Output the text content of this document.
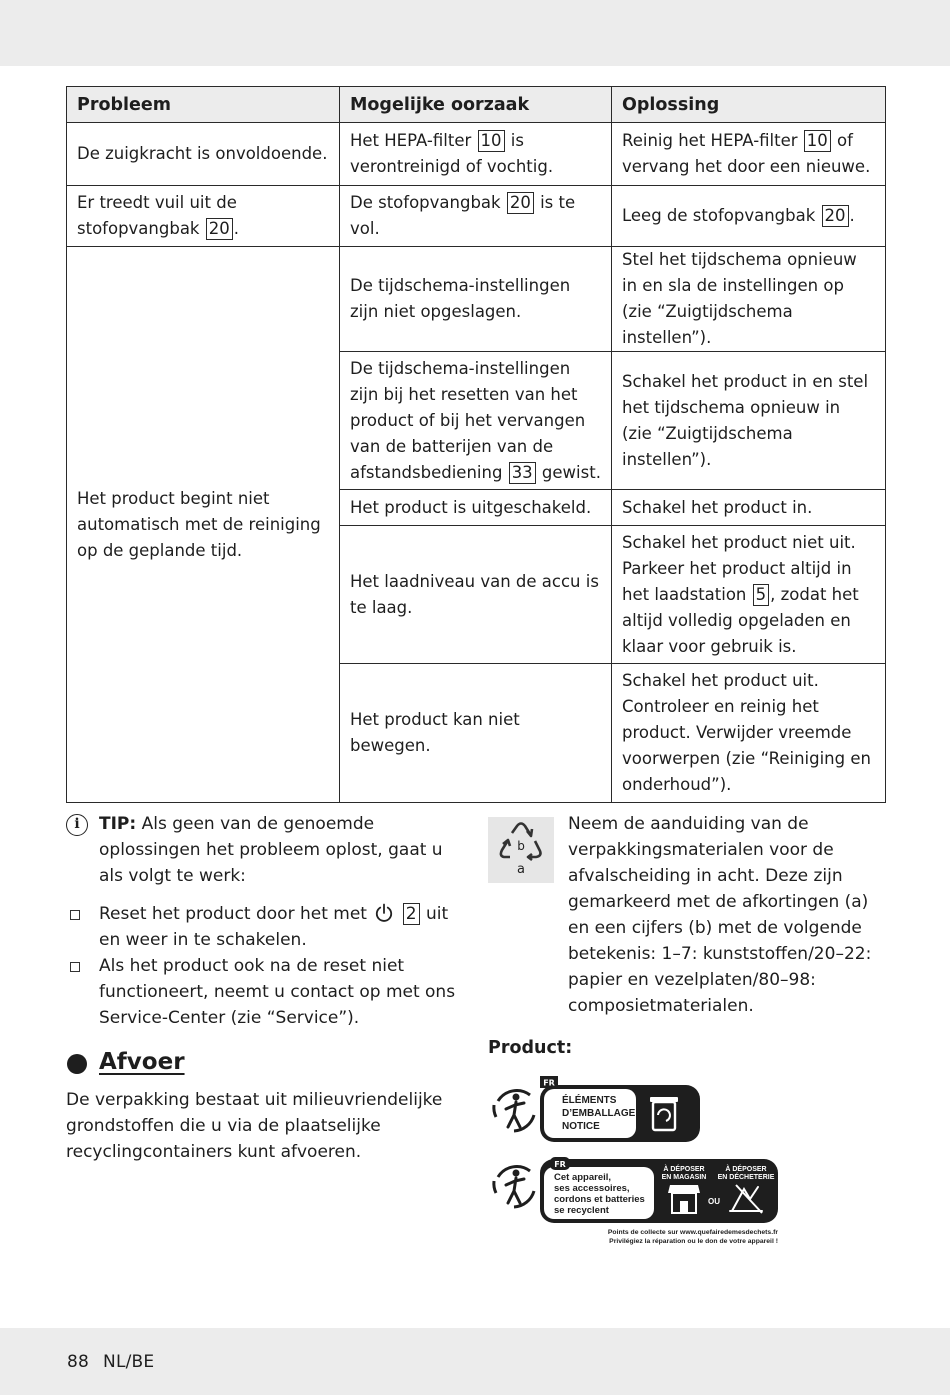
Probleem	Mogelijke oorzaak	Oplossing
De zuigkracht is onvoldoende.	Het HEPA-filter 10 is verontreinigd of vochtig.	Reinig het HEPA-filter 10 of vervang het door een nieuwe.
Er treedt vuil uit de stofopvangbak 20 .	De stofopvangbak 20 is te vol.	Leeg de stofopvangbak 20 .
Het product begint niet automatisch met de reiniging op de geplande tijd.	De tijdschema-instellingen zijn niet opgeslagen.	Stel het tijdschema opnieuw in en sla de instellingen op (zie “Zuigtijdschema instellen”).
	De tijdschema-instellingen zijn bij het resetten van het product of bij het vervangen van de batterijen van de afstandsbediening 33 gewist.	Schakel het product in en stel het tijdschema opnieuw in (zie “Zuigtijdschema instellen”).
	Het product is uitgeschakeld.	Schakel het product in.
	Het laadniveau van de accu is te laag.	Schakel het product niet uit. Parkeer het product altijd in het laadstation 5 , zodat het altijd volledig opgeladen en klaar voor gebruik is.
	Het product kan niet bewegen.	Schakel het product uit. Controleer en reinig het product. Verwijder vreemde voorwerpen (zie “Reiniging en onderhoud”).
i	TIP: Als geen van de genoemde oplossingen het probleem oplost, gaat u als volgt te werk:
Reset het product door het met  2 uit en weer in te schakelen.
Als het product ook na de reset niet functioneert, neemt u contact op met ons Service-Center (zie “Service”).
Afvoer
De verpakking bestaat uit milieuvriendelijke grondstoffen die u via de plaatselijke recyclingcontainers kunt afvoeren.
b
a
Neem de aanduiding van de verpakkingsmaterialen voor de afvalscheiding in acht. Deze zijn gemarkeerd met de afkortingen (a) en een cijfers (b) met de volgende betekenis: 1–7: kunststoffen/20–22: papier en vezelplaten/80–98: composietmaterialen.
Product:
FR
ÉLÉMENTS
D’EMBALLAGE +
NOTICE
FR
Cet appareil,
ses accessoires,
cordons et batteries
se recyclent
À DÉPOSER
EN MAGASIN
À DÉPOSER
EN DÉCHETERIE
OU
Points de collecte sur www.quefairedemesdechets.fr
Privilégiez la réparation ou le don de votre appareil !
88 NL/BE
